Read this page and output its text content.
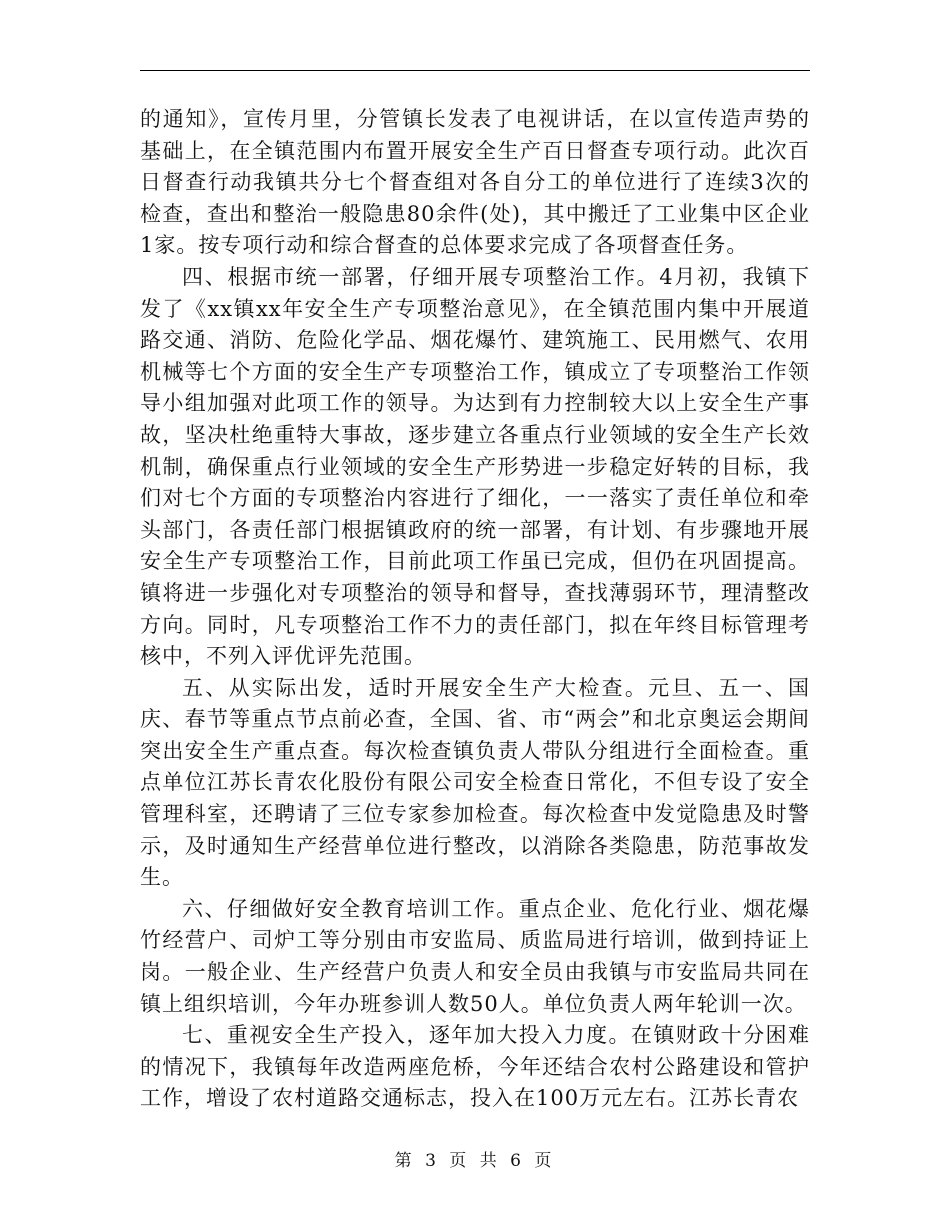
的通知》，宣传月里，分管镇长发表了电视讲话，在以宣传造声势的基础上，在全镇范围内布置开展安全生产百日督查专项行动。此次百日督查行动我镇共分七个督查组对各自分工的单位进行了连续3次的检查，查出和整治一般隐患80余件(处)，其中搬迁了工业集中区企业1家。按专项行动和综合督查的总体要求完成了各项督查任务。

四、根据市统一部署，仔细开展专项整治工作。4月初，我镇下发了《xx镇xx年安全生产专项整治意见》，在全镇范围内集中开展道路交通、消防、危险化学品、烟花爆竹、建筑施工、民用燃气、农用机械等七个方面的安全生产专项整治工作，镇成立了专项整治工作领导小组加强对此项工作的领导。为达到有力控制较大以上安全生产事故，坚决杜绝重特大事故，逐步建立各重点行业领域的安全生产长效机制，确保重点行业领域的安全生产形势进一步稳定好转的目标，我们对七个方面的专项整治内容进行了细化，一一落实了责任单位和牵头部门，各责任部门根据镇政府的统一部署，有计划、有步骤地开展安全生产专项整治工作，目前此项工作虽已完成，但仍在巩固提高。镇将进一步强化对专项整治的领导和督导，查找薄弱环节，理清整改方向。同时，凡专项整治工作不力的责任部门，拟在年终目标管理考核中，不列入评优评先范围。

五、从实际出发，适时开展安全生产大检查。元旦、五一、国庆、春节等重点节点前必查，全国、省、市“两会”和北京奥运会期间突出安全生产重点查。每次检查镇负责人带队分组进行全面检查。重点单位江苏长青农化股份有限公司安全检查日常化，不但专设了安全管理科室，还聘请了三位专家参加检查。每次检查中发觉隐患及时警示，及时通知生产经营单位进行整改，以消除各类隐患，防范事故发生。

六、仔细做好安全教育培训工作。重点企业、危化行业、烟花爆竹经营户、司炉工等分别由市安监局、质监局进行培训，做到持证上岗。一般企业、生产经营户负责人和安全员由我镇与市安监局共同在镇上组织培训，今年办班参训人数50人。单位负责人两年轮训一次。

七、重视安全生产投入，逐年加大投入力度。在镇财政十分困难的情况下，我镇每年改造两座危桥，今年还结合农村公路建设和管护工作，增设了农村道路交通标志，投入在100万元左右。江苏长青农

第 3 页 共 6 页
